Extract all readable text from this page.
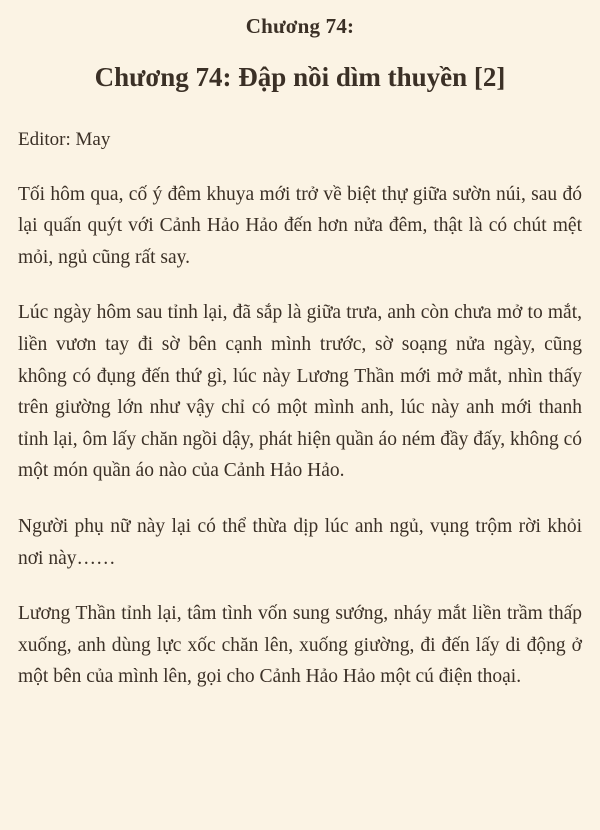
Chương 74:
Chương 74: Đập nồi dìm thuyền [2]
Editor: May

Tối hôm qua, cố ý đêm khuya mới trở về biệt thự giữa sườn núi, sau đó lại quấn quýt với Cảnh Hảo Hảo đến hơn nửa đêm, thật là có chút mệt mỏi, ngủ cũng rất say.

Lúc ngày hôm sau tỉnh lại, đã sắp là giữa trưa, anh còn chưa mở to mắt, liền vươn tay đi sờ bên cạnh mình trước, sờ soạng nửa ngày, cũng không có đụng đến thứ gì, lúc này Lương Thần mới mở mắt, nhìn thấy trên giường lớn như vậy chỉ có một mình anh, lúc này anh mới thanh tỉnh lại, ôm lấy chăn ngồi dậy, phát hiện quần áo ném đầy đấy, không có một món quần áo nào của Cảnh Hảo Hảo.

Người phụ nữ này lại có thể thừa dịp lúc anh ngủ, vụng trộm rời khỏi nơi này……

Lương Thần tỉnh lại, tâm tình vốn sung sướng, nháy mắt liền trầm thấp xuống, anh dùng lực xốc chăn lên, xuống giường, đi đến lấy di động ở một bên của mình lên, gọi cho Cảnh Hảo Hảo một cú điện thoại.
